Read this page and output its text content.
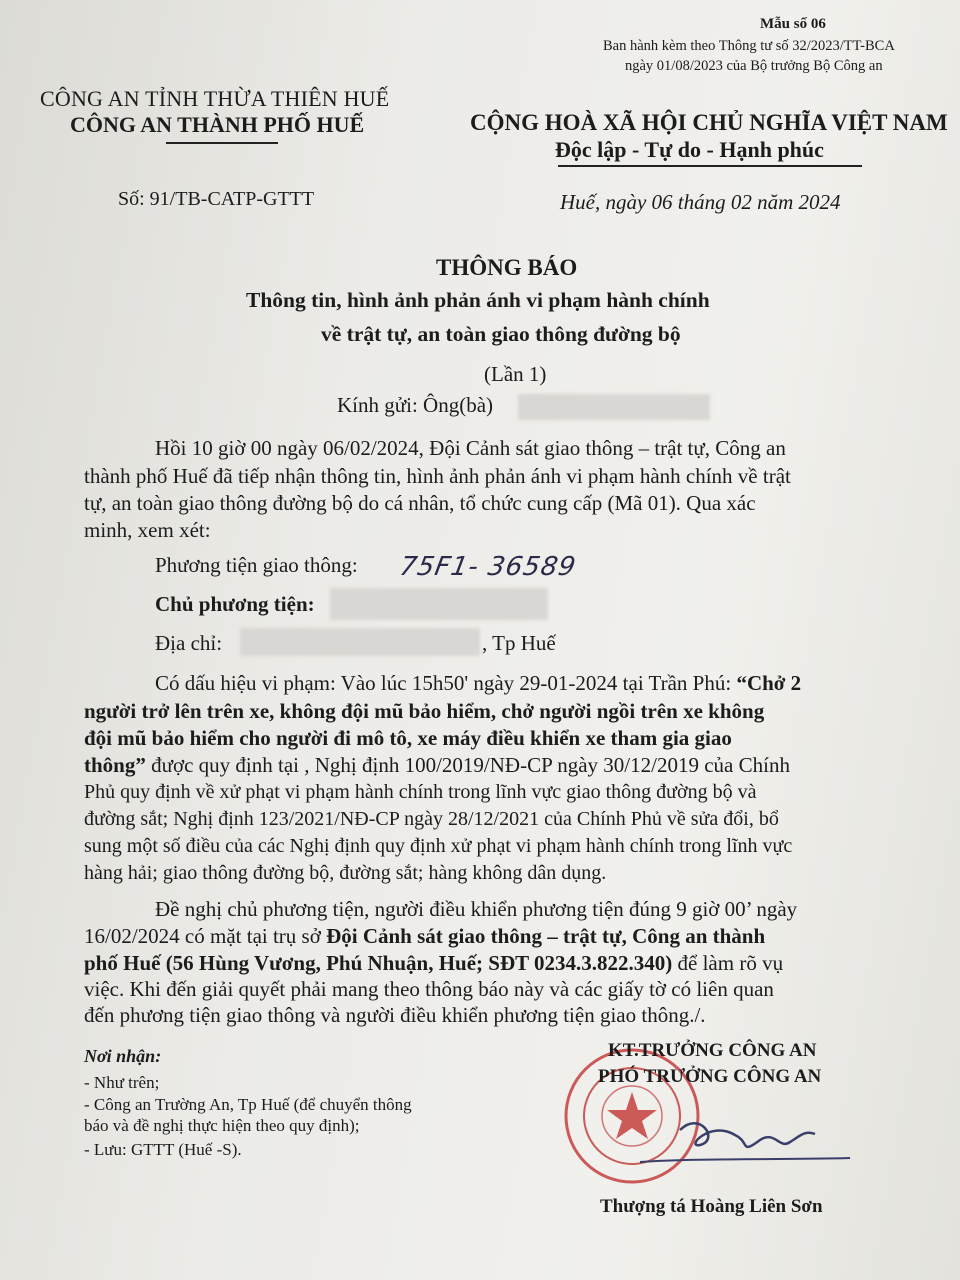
Mẫu số 06
Ban hành kèm theo Thông tư số 32/2023/TT-BCA
ngày 01/08/2023 của Bộ trưởng Bộ Công an
CÔNG AN TỈNH THỪA THIÊN HUẾ
CÔNG AN THÀNH PHỐ HUẾ
Số: 91/TB-CATP-GTTT
CỘNG HOÀ XÃ HỘI CHỦ NGHĨA VIỆT NAM
Độc lập - Tự do - Hạnh phúc
Huế, ngày 06 tháng 02 năm 2024
THÔNG BÁO
Thông tin, hình ảnh phản ánh vi phạm hành chính
về trật tự, an toàn giao thông đường bộ
(Lần 1)
Kính gửi: Ông(bà)
Hồi 10 giờ 00 ngày 06/02/2024, Đội Cảnh sát giao thông – trật tự, Công an
thành phố Huế đã tiếp nhận thông tin, hình ảnh phản ánh vi phạm hành chính về trật
tự, an toàn giao thông đường bộ do cá nhân, tổ chức cung cấp (Mã 01). Qua xác
minh, xem xét:
Phương tiện giao thông: 75F1- 36589
Chủ phương tiện:
Địa chỉ:	, Tp Huế
Có dấu hiệu vi phạm: Vào lúc 15h50' ngày 29-01-2024 tại Trần Phú: “Chở 2
người trở lên trên xe, không đội mũ bảo hiểm, chở người ngồi trên xe không
đội mũ bảo hiểm cho người đi mô tô, xe máy điều khiển xe tham gia giao
thông” được quy định tại , Nghị định 100/2019/NĐ-CP ngày 30/12/2019 của Chính
Phủ quy định về xử phạt vi phạm hành chính trong lĩnh vực giao thông đường bộ và
đường sắt; Nghị định 123/2021/NĐ-CP ngày 28/12/2021 của Chính Phủ về sửa đổi, bổ
sung một số điều của các Nghị định quy định xử phạt vi phạm hành chính trong lĩnh vực
hàng hải; giao thông đường bộ, đường sắt; hàng không dân dụng.
Đề nghị chủ phương tiện, người điều khiển phương tiện đúng 9 giờ 00’ ngày
16/02/2024 có mặt tại trụ sở Đội Cảnh sát giao thông – trật tự, Công an thành
phố Huế (56 Hùng Vương, Phú Nhuận, Huế; SĐT 0234.3.822.340) để làm rõ vụ
việc. Khi đến giải quyết phải mang theo thông báo này và các giấy tờ có liên quan
đến phương tiện giao thông và người điều khiển phương tiện giao thông./.
Nơi nhận:
- Như trên;
- Công an Trường An, Tp Huế (để chuyển thông
báo và đề nghị thực hiện theo quy định);
- Lưu: GTTT (Huế -S).
KT.TRƯỞNG CÔNG AN
PHÓ TRƯỞNG CÔNG AN
Thượng tá Hoàng Liên Sơn
